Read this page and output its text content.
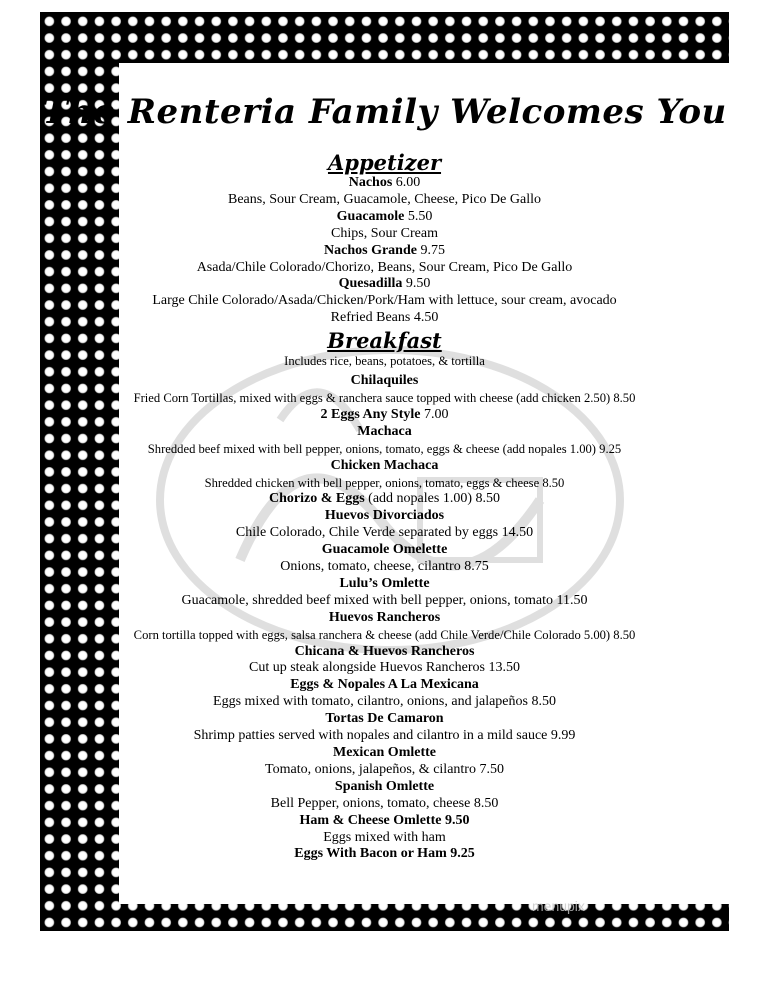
The Renteria Family Welcomes You
Appetizer

Nachos 6.00

Beans, Sour Cream, Guacamole, Cheese, Pico De Gallo

Guacamole 5.50

Chips, Sour Cream

Nachos Grande 9.75

Asada/Chile Colorado/Chorizo, Beans, Sour Cream, Pico De Gallo

Quesadilla 9.50

Large Chile Colorado/Asada/Chicken/Pork/Ham with lettuce, sour cream, avocado

Refried Beans 4.50

Breakfast

Includes rice, beans, potatoes, & tortilla

Chilaquiles

Fried Corn Tortillas, mixed with eggs & ranchera sauce topped with cheese (add chicken 2.50) 8.50

2 Eggs Any Style 7.00

Machaca

Shredded beef mixed with bell pepper, onions, tomato, eggs & cheese (add nopales 1.00) 9.25

Chicken Machaca

Shredded chicken with bell pepper, onions, tomato, eggs & cheese 8.50

Chorizo & Eggs (add nopales 1.00) 8.50

Huevos Divorciados

Chile Colorado, Chile Verde separated by eggs 14.50

Guacamole Omelette

Onions, tomato, cheese, cilantro 8.75

Lulu’s Omlette

Guacamole, shredded beef mixed with bell pepper, onions, tomato 11.50

Huevos Rancheros

Corn tortilla topped with eggs, salsa ranchera & cheese (add Chile Verde/Chile Colorado 5.00) 8.50

Chicana & Huevos Rancheros

Cut up steak alongside Huevos Rancheros 13.50

Eggs & Nopales A La Mexicana

Eggs mixed with tomato, cilantro, onions, and jalapeños 8.50

Tortas De Camaron

Shrimp patties served with nopales and cilantro in a mild sauce 9.99

Mexican Omlette

Tomato, onions, jalapeños, & cilantro 7.50

Spanish Omlette

Bell Pepper, onions, tomato, cheese 8.50

Ham & Cheese Omlette 9.50

Eggs mixed with ham

Eggs With Bacon or Ham 9.25

menupix
